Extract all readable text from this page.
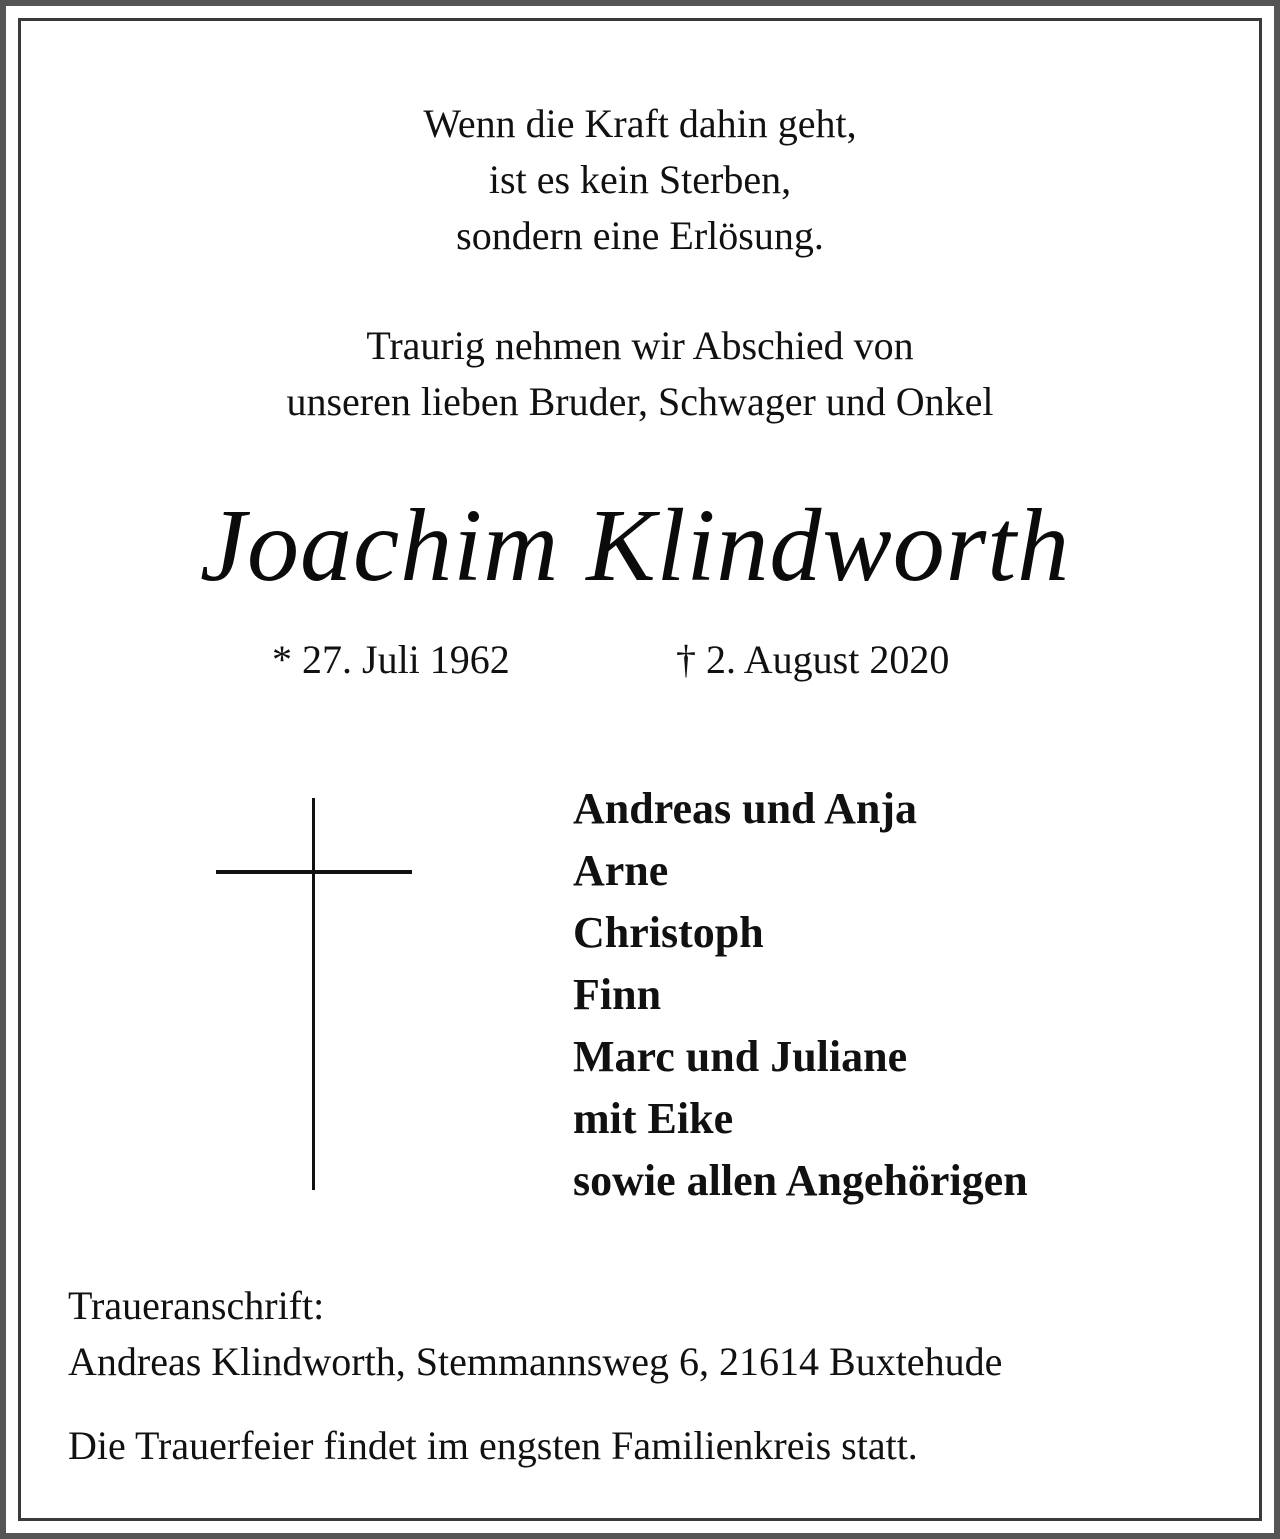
Wenn die Kraft dahin geht,
ist es kein Sterben,
sondern eine Erlösung.
Traurig nehmen wir Abschied von
unseren lieben Bruder, Schwager und Onkel
Joachim Klindworth
* 27. Juli 1962	† 2. August 2020
Andreas und Anja
Arne
Christoph
Finn
Marc und Juliane
mit Eike
sowie allen Angehörigen
Traueranschrift:
Andreas Klindworth, Stemmannsweg 6, 21614 Buxtehude
Die Trauerfeier findet im engsten Familienkreis statt.
